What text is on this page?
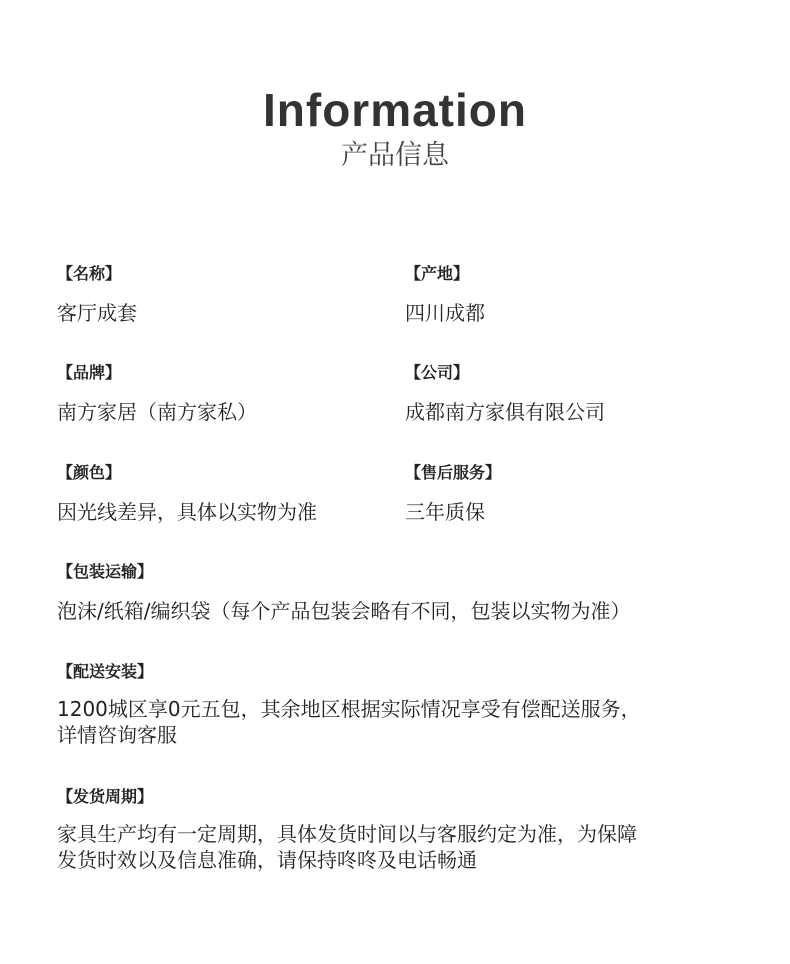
Information
产品信息
【名称】
客厅成套
【产地】
四川成都
【品牌】
南方家居（南方家私）
【公司】
成都南方家俱有限公司
【颜色】
因光线差异，具体以实物为准
【售后服务】
三年质保
【包装运输】
泡沫/纸箱/编织袋（每个产品包装会略有不同，包装以实物为准）
【配送安装】
1200城区享0元五包，其余地区根据实际情况享受有偿配送服务，
详情咨询客服
【发货周期】
家具生产均有一定周期，具体发货时间以与客服约定为准，为保障
发货时效以及信息准确，请保持咚咚及电话畅通
